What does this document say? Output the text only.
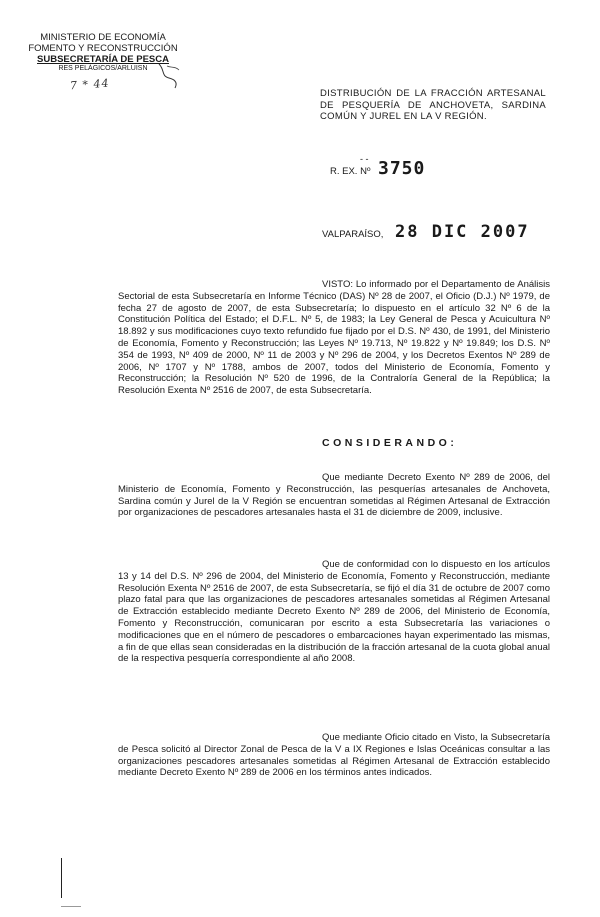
MINISTERIO DE ECONOMÍA
FOMENTO Y RECONSTRUCCIÓN
SUBSECRETARÍA DE PESCA
RES PELÁGICOS/ARLUISN
7 * 44
DISTRIBUCIÓN DE LA FRACCIÓN ARTESANAL DE PESQUERÍA DE ANCHOVETA, SARDINA COMÚN Y JUREL EN LA V REGIÓN.
R. EX. Nº
- - 3750
VALPARAÍSO, 28 DIC 2007
VISTO: Lo informado por el Departamento de Análisis Sectorial de esta Subsecretaría en Informe Técnico (DAS) Nº 28 de 2007, el Oficio (D.J.) Nº 1979, de fecha 27 de agosto de 2007, de esta Subsecretaría; lo dispuesto en el artículo 32 Nº 6 de la Constitución Política del Estado; el D.F.L. Nº 5, de 1983; la Ley General de Pesca y Acuicultura Nº 18.892 y sus modificaciones cuyo texto refundido fue fijado por el D.S. Nº 430, de 1991, del Ministerio de Economía, Fomento y Reconstrucción; las Leyes Nº 19.713, Nº 19.822 y Nº 19.849; los D.S. Nº 354 de 1993, Nº 409 de 2000, Nº 11 de 2003 y Nº 296 de 2004, y los Decretos Exentos Nº 289 de 2006, Nº 1707 y Nº 1788, ambos de 2007, todos del Ministerio de Economía, Fomento y Reconstrucción; la Resolución Nº 520 de 1996, de la Contraloría General de la República; la Resolución Exenta Nº 2516 de 2007, de esta Subsecretaría.
CONSIDERANDO:
Que mediante Decreto Exento Nº 289 de 2006, del Ministerio de Economía, Fomento y Reconstrucción, las pesquerías artesanales de Anchoveta, Sardina común y Jurel de la V Región se encuentran sometidas al Régimen Artesanal de Extracción por organizaciones de pescadores artesanales hasta el 31 de diciembre de 2009, inclusive.
Que de conformidad con lo dispuesto en los artículos 13 y 14 del D.S. Nº 296 de 2004, del Ministerio de Economía, Fomento y Reconstrucción, mediante Resolución Exenta Nº 2516 de 2007, de esta Subsecretaría, se fijó el día 31 de octubre de 2007 como plazo fatal para que las organizaciones de pescadores artesanales sometidas al Régimen Artesanal de Extracción establecido mediante Decreto Exento Nº 289 de 2006, del Ministerio de Economía, Fomento y Reconstrucción, comunicaran por escrito a esta Subsecretaría las variaciones o modificaciones que en el número de pescadores o embarcaciones hayan experimentado las mismas, a fin de que ellas sean consideradas en la distribución de la fracción artesanal de la cuota global anual de la respectiva pesquería correspondiente al año 2008.
Que mediante Oficio citado en Visto, la Subsecretaría de Pesca solicitó al Director Zonal de Pesca de la V a IX Regiones e Islas Oceánicas consultar a las organizaciones pescadores artesanales sometidas al Régimen Artesanal de Extracción establecido mediante Decreto Exento Nº 289 de 2006 en los términos antes indicados.
